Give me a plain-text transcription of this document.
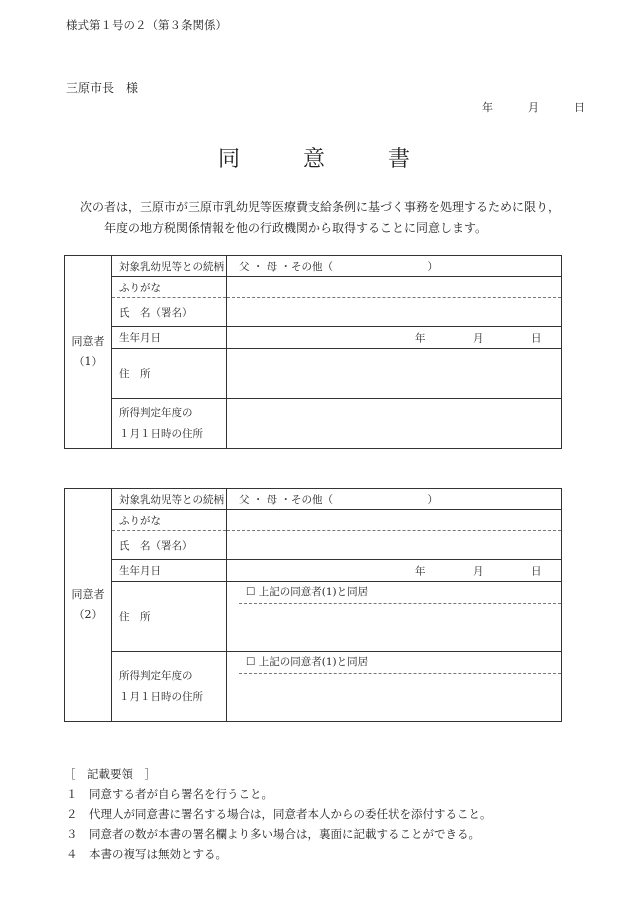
様式第１号の２（第３条関係）
三原市長　様
年	月	日
同	意	書
次の者は，三原市が三原市乳幼児等医療費支給条例に基づく事務を処理するために限り，
年度の地方税関係情報を他の行政機関から取得することに同意します。
同意者
（1）	対象乳幼児等との続柄	父 ・ 母 ・その他（　　　　　　　　　）
	ふりがな	
	氏　名（署名）	
	生年月日	年 月 日

	住　所	

	所得判定年度の
１月１日時の住所	

同意者
（2）	対象乳幼児等との続柄	父 ・ 母 ・その他（　　　　　　　　　）
	ふりがな	
	氏　名（署名）	
	生年月日	年 月 日

	住　所	☐ 上記の同意者(1)と同居

	所得判定年度の
１月１日時の住所	☐ 上記の同意者(1)と同居
［　記載要領　］
１　同意する者が自ら署名を行うこと。
２　代理人が同意書に署名する場合は，同意者本人からの委任状を添付すること。
３　同意者の数が本書の署名欄より多い場合は，裏面に記載することができる。
４　本書の複写は無効とする。
